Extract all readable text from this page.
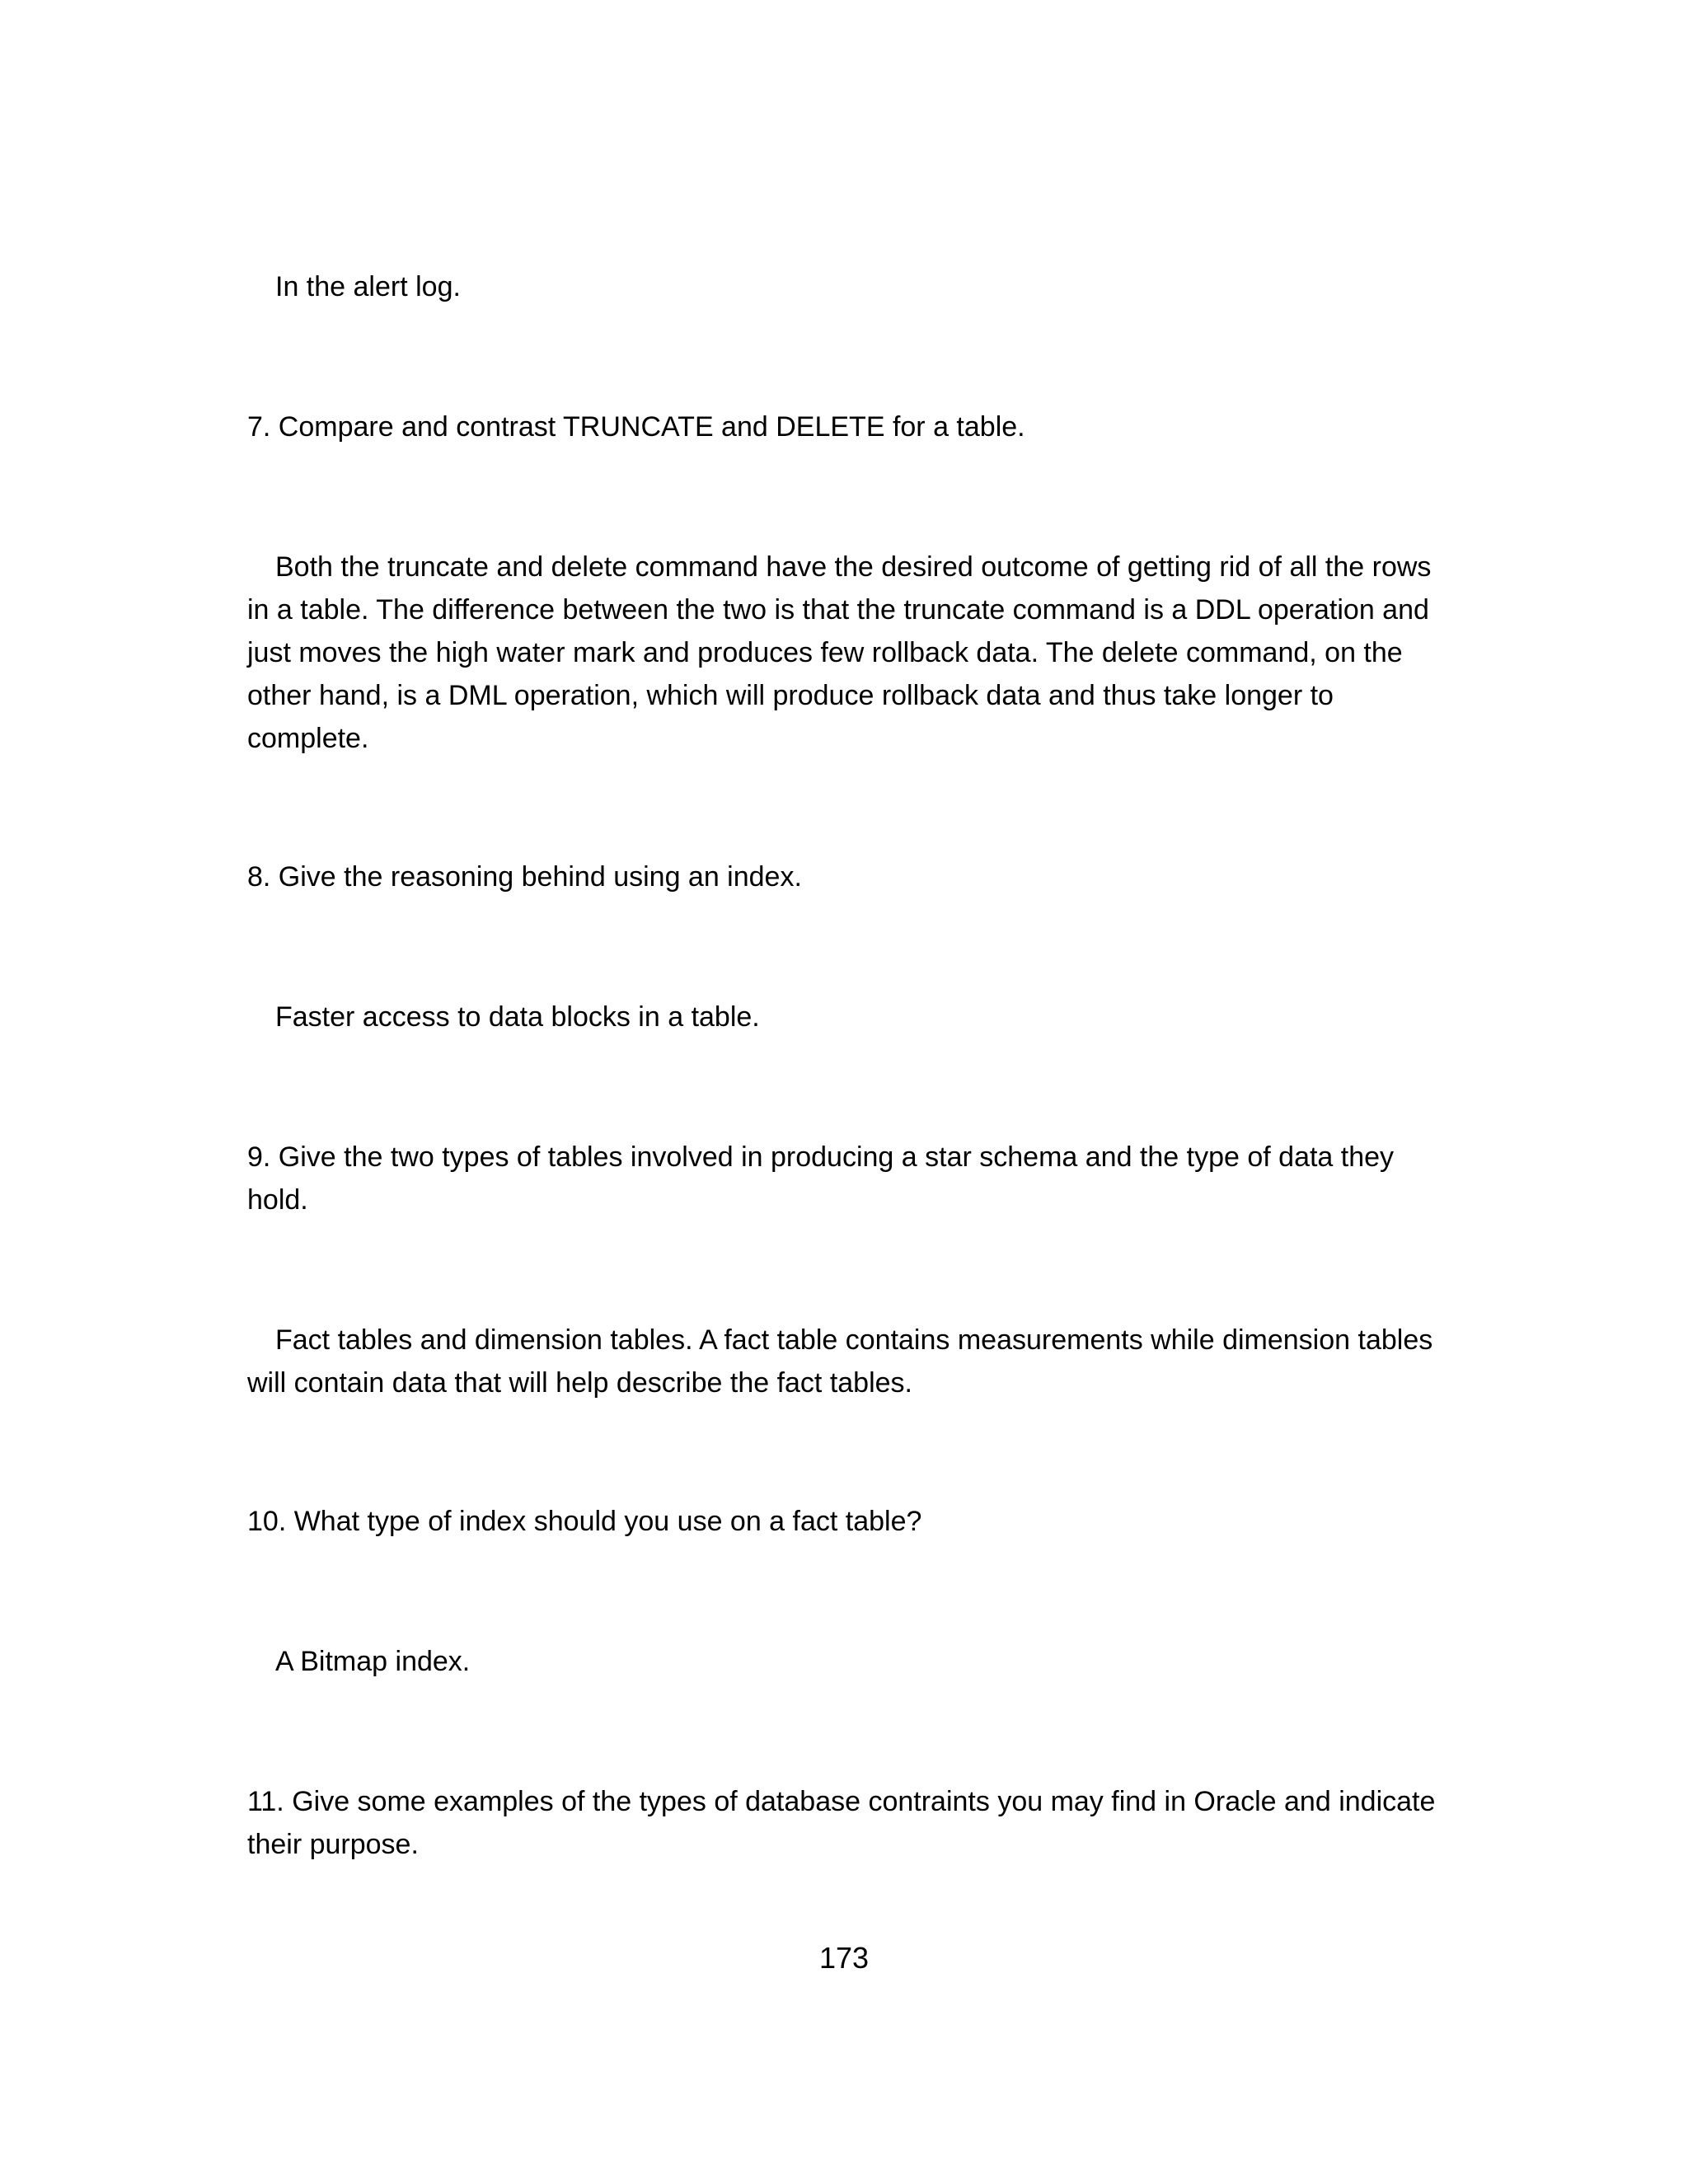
In the alert log.

7. Compare and contrast TRUNCATE and DELETE for a table.

Both the truncate and delete command have the desired outcome of getting rid of all the rows in a table. The difference between the two is that the truncate command is a DDL operation and just moves the high water mark and produces few rollback data. The delete command, on the other hand, is a DML operation, which will produce rollback data and thus take longer to complete.

8. Give the reasoning behind using an index.

Faster access to data blocks in a table.

9. Give the two types of tables involved in producing a star schema and the type of data they hold.

Fact tables and dimension tables. A fact table contains measurements while dimension tables will contain data that will help describe the fact tables.

10. What type of index should you use on a fact table?

A Bitmap index.

11. Give some examples of the types of database contraints you may find in Oracle and indicate their purpose.

173
